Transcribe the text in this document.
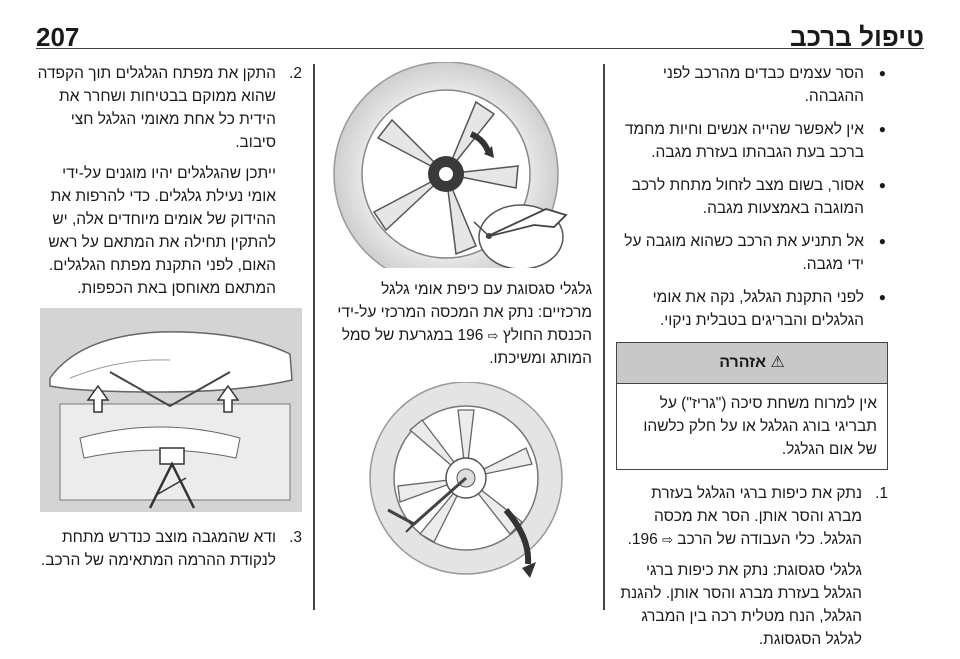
207	טיפול ברכב
● הסר עצמים כבדים מהרכב לפני ההגבהה.
● אין לאפשר שהייה אנשים וחיות מחמד ברכב בעת הגבהתו בעזרת מגבה.
● אסור, בשום מצב לזחול מתחת לרכב המוגבה באמצעות מגבה.
● אל תתניע את הרכב כשהוא מוגבה על ידי מגבה.
● לפני התקנת הגלגל, נקה את אומי הגלגלים והבריגים בטבלית ניקוי.
⚠ אזהרה
אין למרוח משחת סיכה ("גריז") על תבריגי בורג הגלגל או על חלק כלשהו של אום הגלגל.
1.
נתק את כיפות ברגי הגלגל בעזרת מברג והסר אותן. הסר את מכסה הגלגל. כלי העבודה של הרכב ⇨ 196.
גלגלי סגסוגת: נתק את כיפות ברגי הגלגל בעזרת מברג והסר אותן. להגנת הגלגל, הנח מטלית רכה בין המברג לגלגל הסגסוגת.
גלגלי סגסוגת עם כיפת אומי גלגל מרכזיים: נתק את המכסה המרכזי על-ידי הכנסת החולץ ⇨ 196 במגרעת של סמל המותג ומשיכתו.
2.
התקן את מפתח הגלגלים תוך הקפדה שהוא ממוקם בבטיחות ושחרר את הידית כל אחת מאומי הגלגל חצי סיבוב.
ייתכן שהגלגלים יהיו מוגנים על-ידי אומי נעילת גלגלים. כדי להרפות את ההידוק של אומים מיוחדים אלה, יש להתקין תחילה את המתאם על ראש האום, לפני התקנת מפתח הגלגלים. המתאם מאוחסן באת הכפפות.
3.
ודא שהמגבה מוצב כנדרש מתחת לנקודת ההרמה המתאימה של הרכב.
